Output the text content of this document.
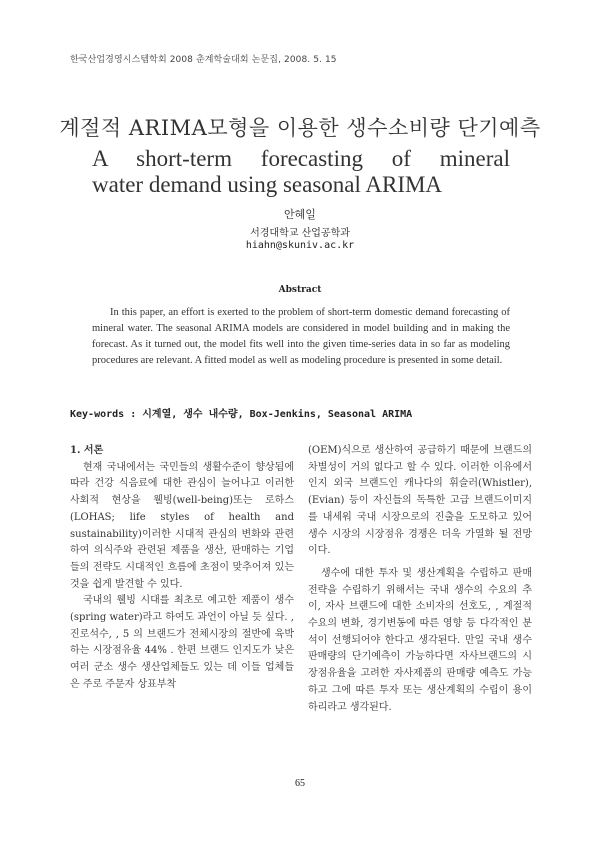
한국산업경영시스템학회 2008 춘계학술대회 논문집, 2008. 5. 15
계절적 ARIMA모형을 이용한 생수소비량 단기예측
A short-term forecasting of mineral
water demand using seasonal ARIMA
안혜일
서경대학교 산업공학과
hiahn@skuniv.ac.kr
Abstract
In this paper, an effort is exerted to the problem of short-term domestic demand forecasting of mineral water. The seasonal ARIMA models are considered in model building and in making the forecast. As it turned out, the model fits well into the given time-series data in so far as modeling procedures are relevant. A fitted model as well as modeling procedure is presented in some detail.
Key-words : 시계열, 생수 내수량, Box-Jenkins, Seasonal ARIMA
1. 서론

현재 국내에서는 국민들의 생활수준이 향상됨에 따라 건강 식음료에 대한 관심이 늘어나고 이러한 사회적 현상을 웰빙(well-being)또는 로하스(LOHAS; life styles of health and sustainability)이러한 시대적 관심의 변화와 관련하여 의식주와 관련된 제품을 생산, 판매하는 기업들의 전략도 시대적인 흐름에 초점이 맞추어져 있는 것을 쉽게 발견할 수 있다.

국내의 웰빙 시대를 최초로 예고한 제품이 생수(spring water)라고 하여도 과언이 아닐 듯 싶다. , 진로석수, , 5 의 브랜드가 전체시장의 절반에 육박하는 시장점유율 44% . 한편 브랜드 인지도가 낮은 여러 군소 생수 생산업체들도 있는 데 이들 업체들은 주로 주문자 상표부착

(OEM)식으로 생산하여 공급하기 때문에 브랜드의 차별성이 거의 없다고 할 수 있다. 이러한 이유에서 인지 외국 브랜드인 캐나다의 휘슬러(Whistler), (Evian) 등이 자신들의 독특한 고급 브랜드이미지를 내세워 국내 시장으로의 진출을 도모하고 있어 생수 시장의 시장점유 경쟁은 더욱 가열화 될 전망이다.

생수에 대한 투자 및 생산계획을 수립하고 판매 전략을 수립하기 위해서는 국내 생수의 수요의 추이, 자사 브랜드에 대한 소비자의 선호도, , 계절적 수요의 변화, 경기변동에 따른 영향 등 다각적인 분석이 선행되어야 한다고 생각된다. 만일 국내 생수 판매량의 단기예측이 가능하다면 자사브랜드의 시장점유율을 고려한 자사제품의 판매량 예측도 가능하고 그에 따른 투자 또는 생산계획의 수립이 용이하리라고 생각된다.

65
